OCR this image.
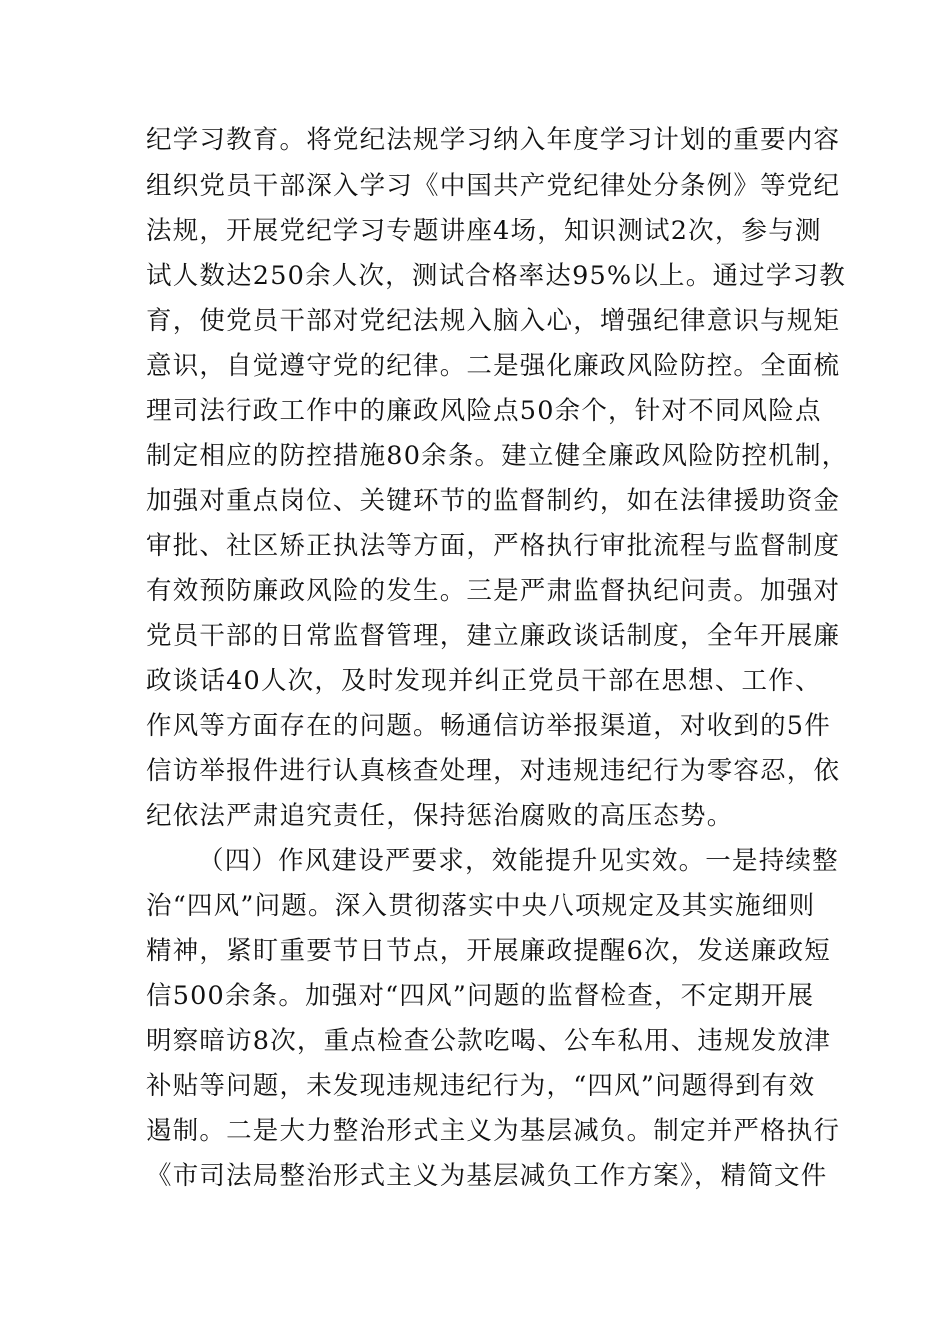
纪学习教育。将党纪法规学习纳入年度学习计划的重要内容
组织党员干部深入学习《中国共产党纪律处分条例》等党纪
法规，开展党纪学习专题讲座4场，知识测试2次，参与测
试人数达250余人次，测试合格率达95%以上。通过学习教
育，使党员干部对党纪法规入脑入心，增强纪律意识与规矩
意识，自觉遵守党的纪律。二是强化廉政风险防控。全面梳
理司法行政工作中的廉政风险点50余个，针对不同风险点
制定相应的防控措施80余条。建立健全廉政风险防控机制，
加强对重点岗位、关键环节的监督制约，如在法律援助资金
审批、社区矫正执法等方面，严格执行审批流程与监督制度
有效预防廉政风险的发生。三是严肃监督执纪问责。加强对
党员干部的日常监督管理，建立廉政谈话制度，全年开展廉
政谈话40人次，及时发现并纠正党员干部在思想、工作、
作风等方面存在的问题。畅通信访举报渠道，对收到的5件
信访举报件进行认真核查处理，对违规违纪行为零容忍，依
纪依法严肃追究责任，保持惩治腐败的高压态势。
（四）作风建设严要求，效能提升见实效。一是持续整
治“四风”问题。深入贯彻落实中央八项规定及其实施细则
精神，紧盯重要节日节点，开展廉政提醒6次，发送廉政短
信500余条。加强对“四风”问题的监督检查，不定期开展
明察暗访8次，重点检查公款吃喝、公车私用、违规发放津
补贴等问题，未发现违规违纪行为，“四风”问题得到有效
遏制。二是大力整治形式主义为基层减负。制定并严格执行
《市司法局整治形式主义为基层减负工作方案》，精简文件
